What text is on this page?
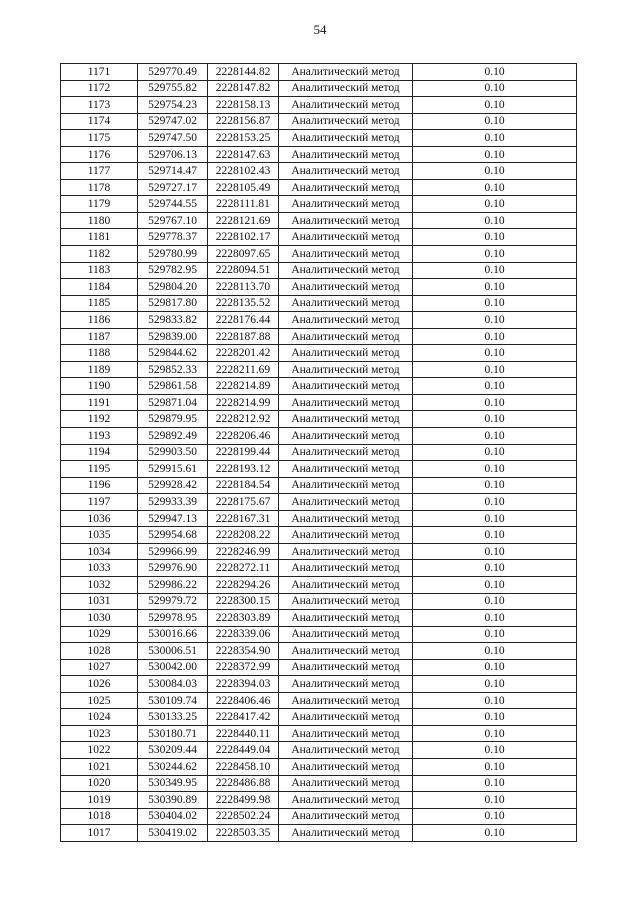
54
1171	529770.49	2228144.82	Аналитический метод	0.10
1172	529755.82	2228147.82	Аналитический метод	0.10
1173	529754.23	2228158.13	Аналитический метод	0.10
1174	529747.02	2228156.87	Аналитический метод	0.10
1175	529747.50	2228153.25	Аналитический метод	0.10
1176	529706.13	2228147.63	Аналитический метод	0.10
1177	529714.47	2228102.43	Аналитический метод	0.10
1178	529727.17	2228105.49	Аналитический метод	0.10
1179	529744.55	2228111.81	Аналитический метод	0.10
1180	529767.10	2228121.69	Аналитический метод	0.10
1181	529778.37	2228102.17	Аналитический метод	0.10
1182	529780.99	2228097.65	Аналитический метод	0.10
1183	529782.95	2228094.51	Аналитический метод	0.10
1184	529804.20	2228113.70	Аналитический метод	0.10
1185	529817.80	2228135.52	Аналитический метод	0.10
1186	529833.82	2228176.44	Аналитический метод	0.10
1187	529839.00	2228187.88	Аналитический метод	0.10
1188	529844.62	2228201.42	Аналитический метод	0.10
1189	529852.33	2228211.69	Аналитический метод	0.10
1190	529861.58	2228214.89	Аналитический метод	0.10
1191	529871.04	2228214.99	Аналитический метод	0.10
1192	529879.95	2228212.92	Аналитический метод	0.10
1193	529892.49	2228206.46	Аналитический метод	0.10
1194	529903.50	2228199.44	Аналитический метод	0.10
1195	529915.61	2228193.12	Аналитический метод	0.10
1196	529928.42	2228184.54	Аналитический метод	0.10
1197	529933.39	2228175.67	Аналитический метод	0.10
1036	529947.13	2228167.31	Аналитический метод	0.10
1035	529954.68	2228208.22	Аналитический метод	0.10
1034	529966.99	2228246.99	Аналитический метод	0.10
1033	529976.90	2228272.11	Аналитический метод	0.10
1032	529986.22	2228294.26	Аналитический метод	0.10
1031	529979.72	2228300.15	Аналитический метод	0.10
1030	529978.95	2228303.89	Аналитический метод	0.10
1029	530016.66	2228339.06	Аналитический метод	0.10
1028	530006.51	2228354.90	Аналитический метод	0.10
1027	530042.00	2228372.99	Аналитический метод	0.10
1026	530084.03	2228394.03	Аналитический метод	0.10
1025	530109.74	2228406.46	Аналитический метод	0.10
1024	530133.25	2228417.42	Аналитический метод	0.10
1023	530180.71	2228440.11	Аналитический метод	0.10
1022	530209.44	2228449.04	Аналитический метод	0.10
1021	530244.62	2228458.10	Аналитический метод	0.10
1020	530349.95	2228486.88	Аналитический метод	0.10
1019	530390.89	2228499.98	Аналитический метод	0.10
1018	530404.02	2228502.24	Аналитический метод	0.10
1017	530419.02	2228503.35	Аналитический метод	0.10
